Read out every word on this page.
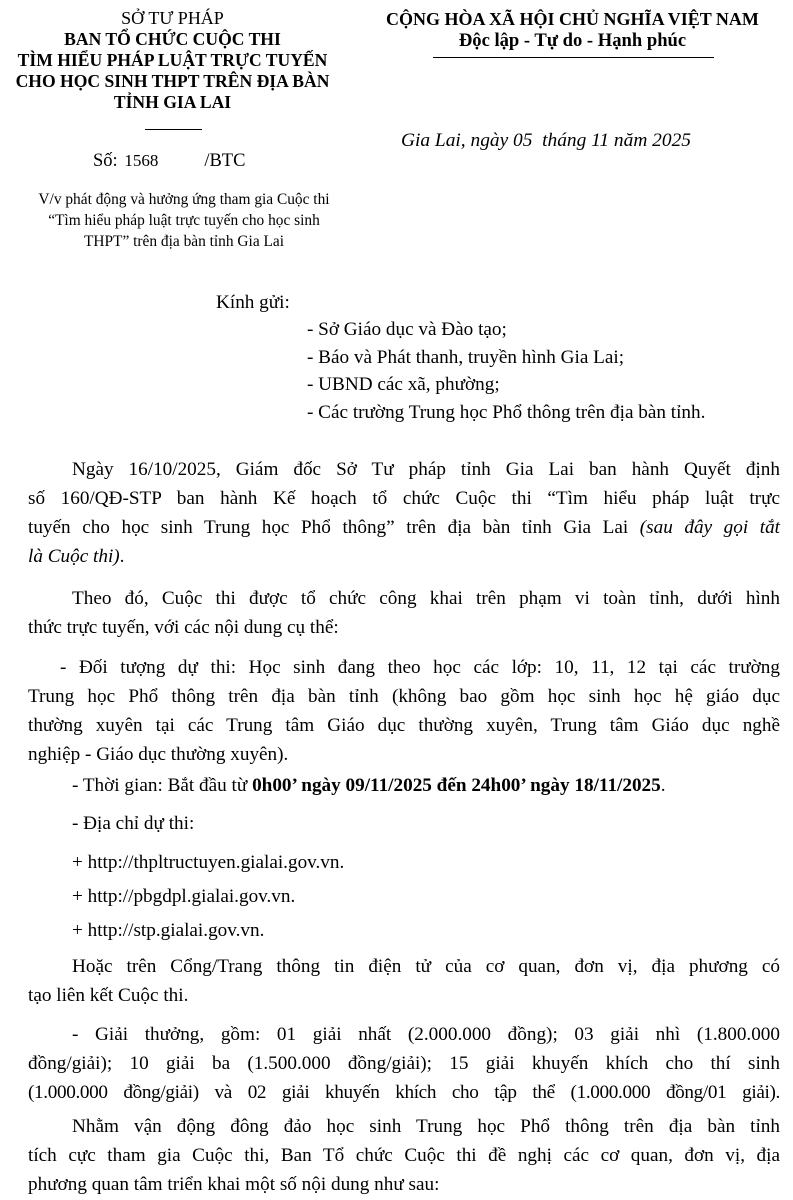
SỞ TƯ PHÁP
BAN TỔ CHỨC CUỘC THI
TÌM HIỂU PHÁP LUẬT TRỰC TUYẾN
CHO HỌC SINH THPT TRÊN ĐỊA BÀN
TỈNH GIA LAI
Số: 1568 /BTC
V/v phát động và hưởng ứng tham gia Cuộc thi
“Tìm hiểu pháp luật trực tuyến cho học sinh
THPT” trên địa bàn tỉnh Gia Lai
CỘNG HÒA XÃ HỘI CHỦ NGHĨA VIỆT NAM
Độc lập - Tự do - Hạnh phúc
Gia Lai, ngày 05  tháng 11 năm 2025
Kính gửi:
- Sở Giáo dục và Đào tạo;
- Báo và Phát thanh, truyền hình Gia Lai;
- UBND các xã, phường;
- Các trường Trung học Phổ thông trên địa bàn tỉnh.
Ngày 16/10/2025, Giám đốc Sở Tư pháp tỉnh Gia Lai ban hành Quyết định
số 160/QĐ-STP ban hành Kế hoạch tổ chức Cuộc thi “Tìm hiểu pháp luật trực
tuyến cho học sinh Trung học Phổ thông” trên địa bàn tỉnh Gia Lai (sau đây gọi tắt
là Cuộc thi).
Theo đó, Cuộc thi được tổ chức công khai trên phạm vi toàn tỉnh, dưới hình
thức trực tuyến, với các nội dung cụ thể:
- Đối tượng dự thi: Học sinh đang theo học các lớp: 10, 11, 12 tại các trường
Trung học Phổ thông trên địa bàn tỉnh (không bao gồm học sinh học hệ giáo dục
thường xuyên tại các Trung tâm Giáo dục thường xuyên, Trung tâm Giáo dục nghề
nghiệp - Giáo dục thường xuyên).
- Thời gian: Bắt đầu từ 0h00’ ngày 09/11/2025 đến 24h00’ ngày 18/11/2025.
- Địa chỉ dự thi:
+ http://thpltructuyen.gialai.gov.vn.
+ http://pbgdpl.gialai.gov.vn.
+ http://stp.gialai.gov.vn.
Hoặc trên Cổng/Trang thông tin điện tử của cơ quan, đơn vị, địa phương có
tạo liên kết Cuộc thi.
- Giải thưởng, gồm: 01 giải nhất (2.000.000 đồng); 03 giải nhì (1.800.000
đồng/giải); 10 giải ba (1.500.000 đồng/giải); 15 giải khuyến khích cho thí sinh
(1.000.000 đồng/giải) và 02 giải khuyến khích cho tập thể (1.000.000 đồng/01 giải).
Nhằm vận động đông đảo học sinh Trung học Phổ thông trên địa bàn tỉnh
tích cực tham gia Cuộc thi, Ban Tổ chức Cuộc thi đề nghị các cơ quan, đơn vị, địa
phương quan tâm triển khai một số nội dung như sau:
